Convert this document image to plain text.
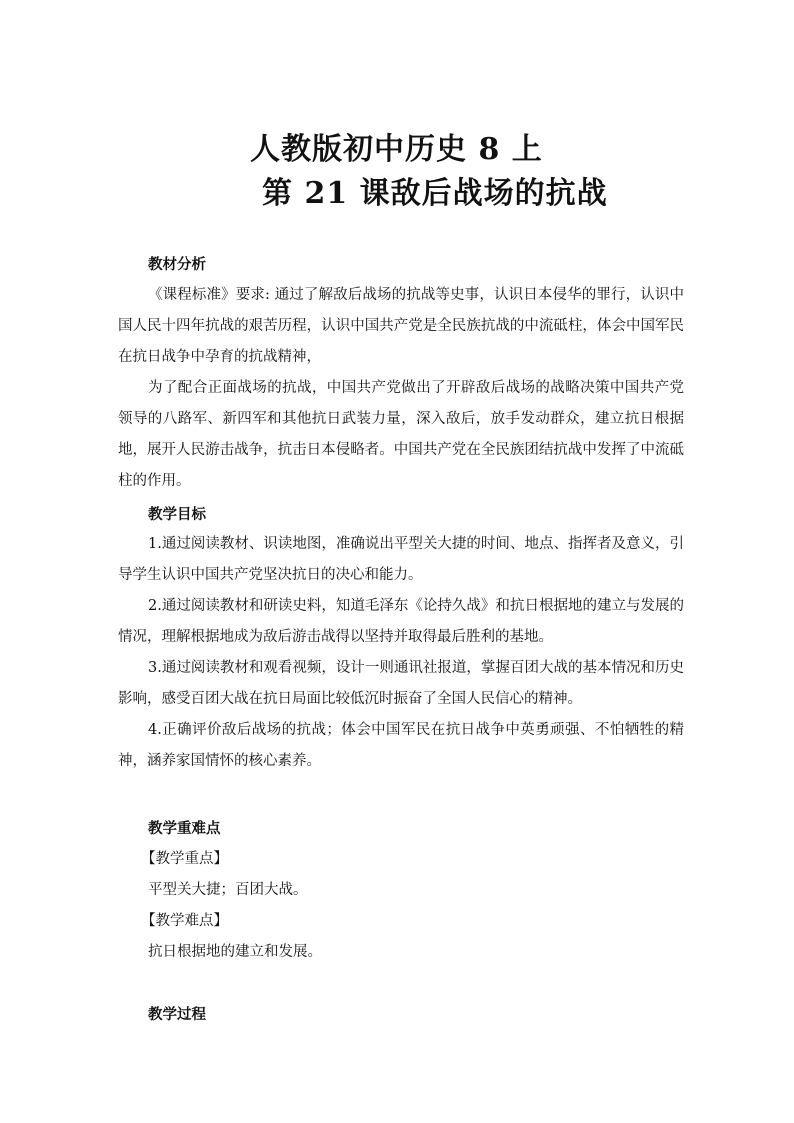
人教版初中历史 8 上
第 21 课敌后战场的抗战
教材分析

《课程标准》要求: 通过了解敌后战场的抗战等史事，认识日本侵华的罪行，认识中国人民十四年抗战的艰苦历程，认识中国共产党是全民族抗战的中流砥柱，体会中国军民在抗日战争中孕育的抗战精神，

为了配合正面战场的抗战，中国共产党做出了开辟敌后战场的战略决策中国共产党领导的八路军、新四军和其他抗日武装力量，深入敌后，放手发动群众，建立抗日根据地，展开人民游击战争，抗击日本侵略者。中国共产党在全民族团结抗战中发挥了中流砥柱的作用。

教学目标

1.通过阅读教材、识读地图，准确说出平型关大捷的时间、地点、指挥者及意义，引导学生认识中国共产党坚决抗日的决心和能力。

2.通过阅读教材和研读史料，知道毛泽东《论持久战》和抗日根据地的建立与发展的情况，理解根据地成为敌后游击战得以坚持并取得最后胜利的基地。

3.通过阅读教材和观看视频，设计一则通讯社报道，掌握百团大战的基本情况和历史影响，感受百团大战在抗日局面比较低沉时振奋了全国人民信心的精神。

4.正确评价敌后战场的抗战；体会中国军民在抗日战争中英勇顽强、不怕牺牲的精神，涵养家国情怀的核心素养。

教学重难点
【教学重点】
平型关大捷；百团大战。
【教学难点】
抗日根据地的建立和发展。
教学过程
